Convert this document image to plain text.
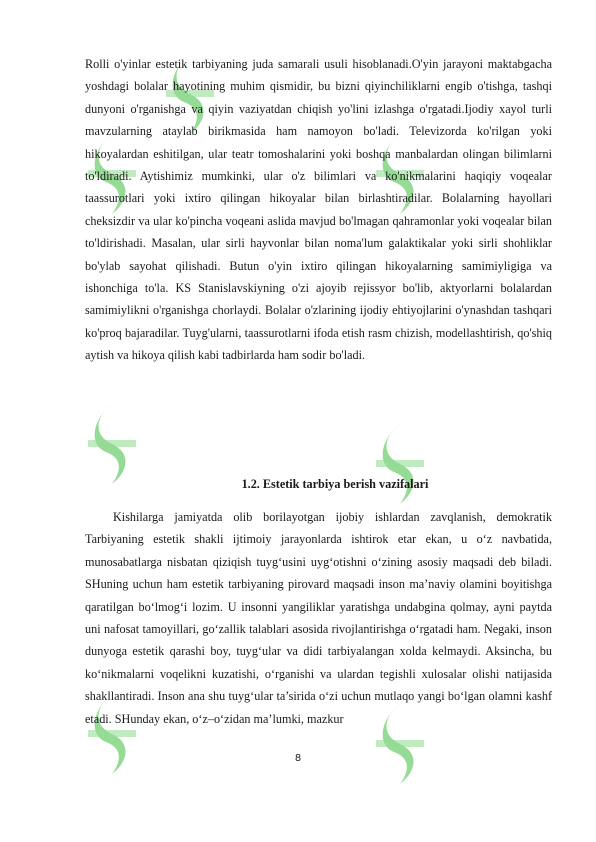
Rolli o'yinlar estetik tarbiyaning juda samarali usuli hisoblanadi.O'yin jarayoni maktabgacha yoshdagi bolalar hayotining muhim qismidir, bu bizni qiyinchiliklarni engib o'tishga, tashqi dunyoni o'rganishga va qiyin vaziyatdan chiqish yo'lini izlashga o'rgatadi.Ijodiy xayol turli mavzularning ataylab birikmasida ham namoyon bo'ladi. Televizorda ko'rilgan yoki hikoyalardan eshitilgan, ular teatr tomoshalarini yoki boshqa manbalardan olingan bilimlarni to'ldiradi. Aytishimiz mumkinki, ular o'z bilimlari va ko'nikmalarini haqiqiy voqealar taassurotlari yoki ixtiro qilingan hikoyalar bilan birlashtiradilar. Bolalarning hayollari cheksizdir va ular ko'pincha voqeani aslida mavjud bo'lmagan qahramonlar yoki voqealar bilan to'ldirishadi. Masalan, ular sirli hayvonlar bilan noma'lum galaktikalar yoki sirli shohliklar bo'ylab sayohat qilishadi. Butun o'yin ixtiro qilingan hikoyalarning samimiyligiga va ishonchiga to'la. KS Stanislavskiyning o'zi ajoyib rejissyor bo'lib, aktyorlarni bolalardan samimiylikni o'rganishga chorlaydi. Bolalar o'zlarining ijodiy ehtiyojlarini o'ynashdan tashqari ko'proq bajaradilar. Tuyg'ularni, taassurotlarni ifoda etish rasm chizish, modellashtirish, qo'shiq aytish va hikoya qilish kabi tadbirlarda ham sodir bo'ladi.

1.2. Estetik tarbiya berish vazifalari

Kishilarga jamiyatda olib borilayotgan ijobiy ishlardan zavqlanish, demokratik Tarbiyaning estetik shakli ijtimoiy jarayonlarda ishtirok etar ekan, u o‘z navbatida, munosabatlarga nisbatan qiziqish tuyg‘usini uyg‘otishni o‘zining asosiy maqsadi deb biladi. SHuning uchun ham estetik tarbiyaning pirovard maqsadi inson ma’naviy olamini boyitishga qaratilgan bo‘lmog‘i lozim. U insonni yangiliklar yaratishga undabgina qolmay, ayni paytda uni nafosat tamoyillari, go‘zallik talablari asosida rivojlantirishga o‘rgatadi ham. Negaki, inson dunyoga estetik qarashi boy, tuyg‘ular va didi tarbiyalangan xolda kelmaydi. Aksincha, bu ko‘nikmalarni voqelikni kuzatishi, o‘rganishi va ulardan tegishli xulosalar olishi natijasida shakllantiradi. Inson ana shu tuyg‘ular ta’sirida o‘zi uchun mutlaqo yangi bo‘lgan olamni kashf etadi. SHunday ekan, o‘z–o‘zidan ma’lumki, mazkur

8
